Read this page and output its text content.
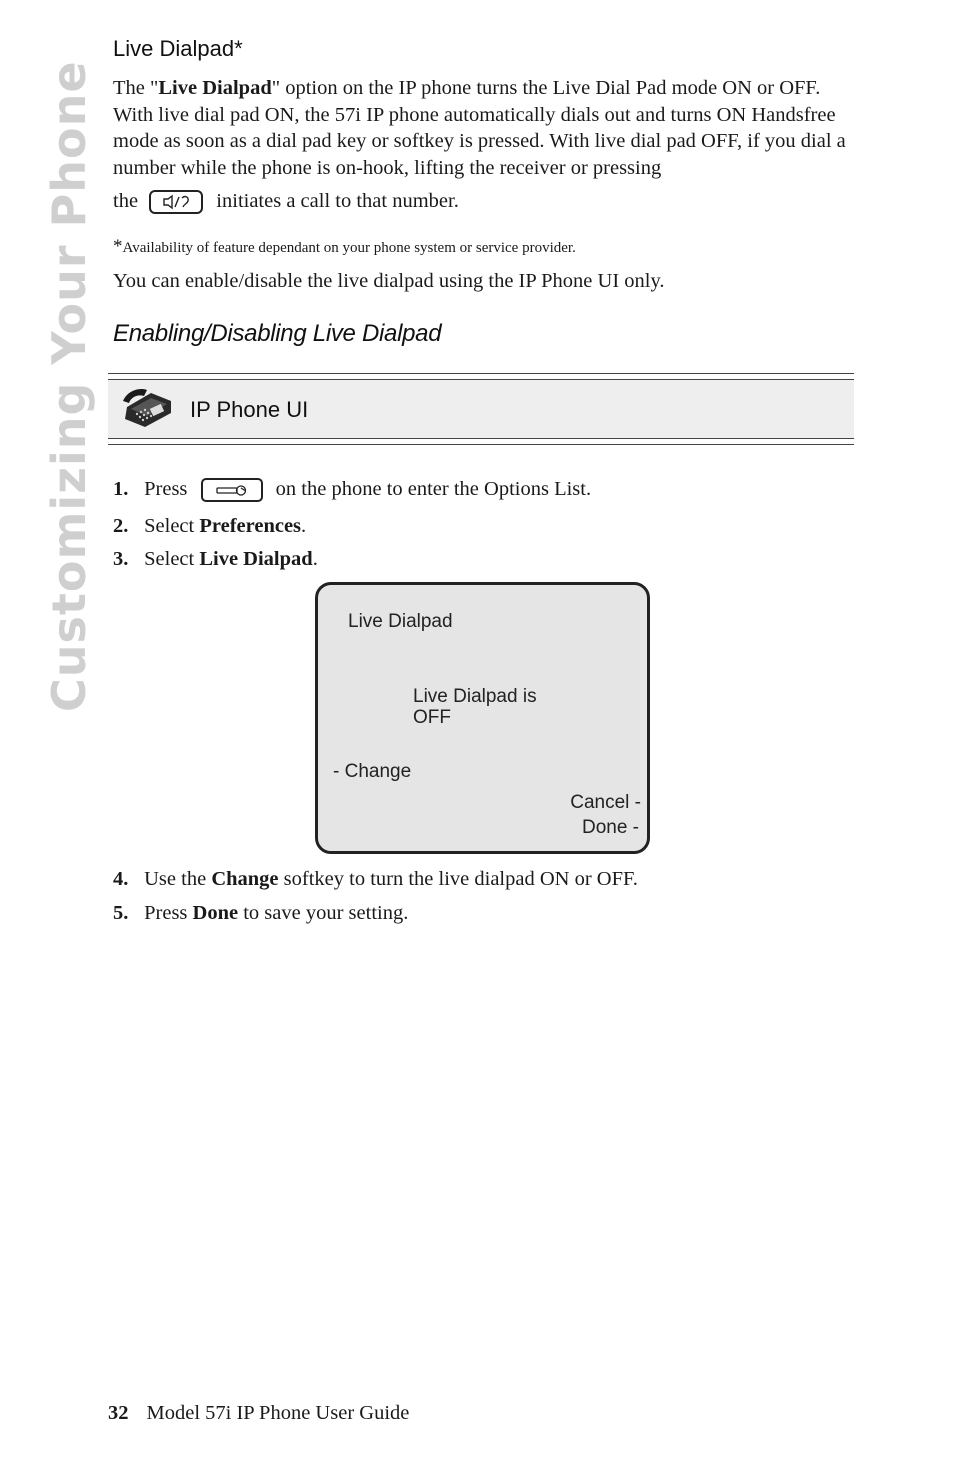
Customizing Your Phone
Live Dialpad*
The "Live Dialpad" option on the IP phone turns the Live Dial Pad mode ON or OFF. With live dial pad ON, the 57i IP phone automatically dials out and turns ON Handsfree mode as soon as a dial pad key or softkey is pressed. With live dial pad OFF, if you dial a number while the phone is on-hook, lifting the receiver or pressing
the	initiates a call to that number.
*Availability of feature dependant on your phone system or service provider.
You can enable/disable the live dialpad using the IP Phone UI only.
Enabling/Disabling Live Dialpad
IP Phone UI
1. Press	on the phone to enter the Options List.
2. Select Preferences.
3. Select Live Dialpad.
Live Dialpad
Live Dialpad is
OFF
- Change
Cancel -
Done -
4. Use the Change softkey to turn the live dialpad ON or OFF.
5. Press Done to save your setting.
32 Model 57i IP Phone User Guide
